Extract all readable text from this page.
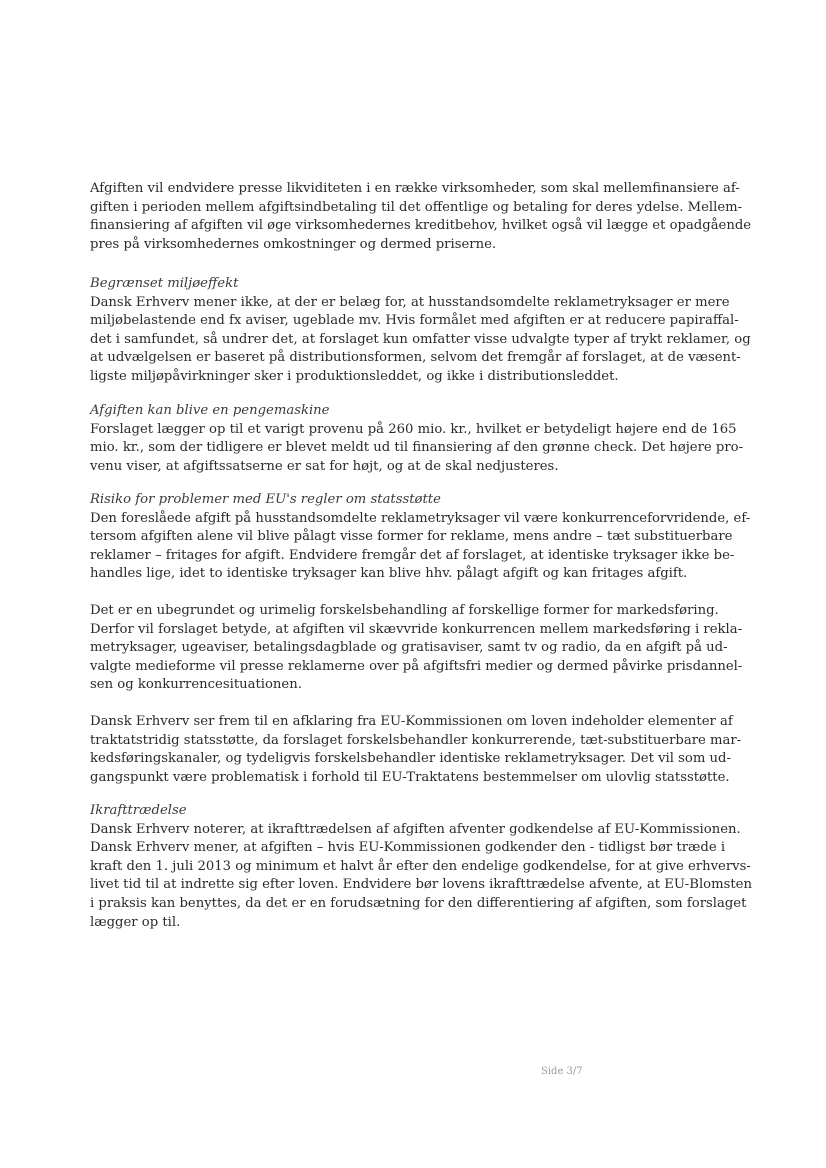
Afgiften vil endvidere presse likviditeten i en række virksomheder, som skal mellemfinansiere af-
giften i perioden mellem afgiftsindbetaling til det offentlige og betaling for deres ydelse. Mellem-
finansiering af afgiften vil øge virksomhedernes kreditbehov, hvilket også vil lægge et opadgående
pres på virksomhedernes omkostninger og dermed priserne.

Begrænset miljøeffekt

Dansk Erhverv mener ikke, at der er belæg for, at husstandsomdelte reklametryksager er mere
miljøbelastende end fx aviser, ugeblade mv. Hvis formålet med afgiften er at reducere papiraffal-
det i samfundet, så undrer det, at forslaget kun omfatter visse udvalgte typer af trykt reklamer, og
at udvælgelsen er baseret på distributionsformen, selvom det fremgår af forslaget, at de væsent-
ligste miljøpåvirkninger sker i produktionsleddet, og ikke i distributionsleddet.

Afgiften kan blive en pengemaskine

Forslaget lægger op til et varigt provenu på 260 mio. kr., hvilket er betydeligt højere end de 165
mio. kr., som der tidligere er blevet meldt ud til finansiering af den grønne check. Det højere pro-
venu viser, at afgiftssatserne er sat for højt, og at de skal nedjusteres.

Risiko for problemer med EU's regler om statsstøtte

Den foreslåede afgift på husstandsomdelte reklametryksager vil være konkurrenceforvridende, ef-
tersom afgiften alene vil blive pålagt visse former for reklame, mens andre – tæt substituerbare
reklamer – fritages for afgift. Endvidere fremgår det af forslaget, at identiske tryksager ikke be-
handles lige, idet to identiske tryksager kan blive hhv. pålagt afgift og kan fritages afgift.

Det er en ubegrundet og urimelig forskelsbehandling af forskellige former for markedsføring.
Derfor vil forslaget betyde, at afgiften vil skævvride konkurrencen mellem markedsføring i rekla-
metryksager, ugeaviser, betalingsdagblade og gratisaviser, samt tv og radio, da en afgift på ud-
valgte medieforme vil presse reklamerne over på afgiftsfri medier og dermed påvirke prisdannel-
sen og konkurrencesituationen.

Dansk Erhverv ser frem til en afklaring fra EU-Kommissionen om loven indeholder elementer af
traktatstridig statsstøtte, da forslaget forskelsbehandler konkurrerende, tæt-substituerbare mar-
kedsføringskanaler, og tydeligvis forskelsbehandler identiske reklametryksager. Det vil som ud-
gangspunkt være problematisk i forhold til EU-Traktatens bestemmelser om ulovlig statsstøtte.

Ikrafttrædelse

Dansk Erhverv noterer, at ikrafttrædelsen af afgiften afventer godkendelse af EU-Kommissionen.
Dansk Erhverv mener, at afgiften – hvis EU-Kommissionen godkender den - tidligst bør træde i
kraft den 1. juli 2013 og minimum et halvt år efter den endelige godkendelse, for at give erhvervs-
livet tid til at indrette sig efter loven. Endvidere bør lovens ikrafttrædelse afvente, at EU-Blomsten
i praksis kan benyttes, da det er en forudsætning for den differentiering af afgiften, som forslaget
lægger op til.

Side 3/7
